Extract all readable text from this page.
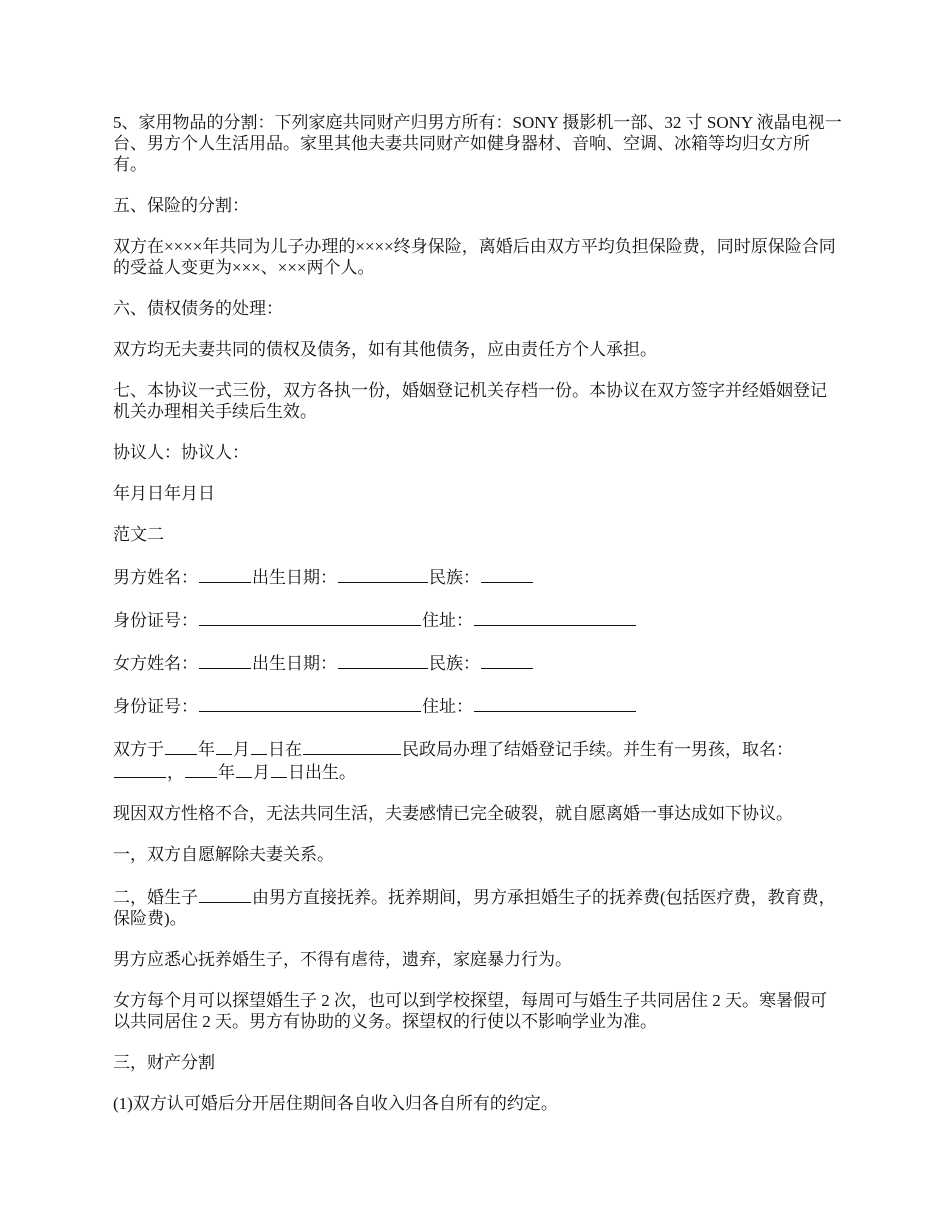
5、家用物品的分割：下列家庭共同财产归男方所有：SONY 摄影机一部、32 寸 SONY 液晶电视一台、男方个人生活用品。家里其他夫妻共同财产如健身器材、音响、空调、冰箱等均归女方所有。

五、保险的分割：

双方在××××年共同为儿子办理的××××终身保险，离婚后由双方平均负担保险费，同时原保险合同的受益人变更为×××、×××两个人。

六、债权债务的处理：

双方均无夫妻共同的债权及债务，如有其他债务，应由责任方个人承担。

七、本协议一式三份，双方各执一份，婚姻登记机关存档一份。本协议在双方签字并经婚姻登记机关办理相关手续后生效。

协议人：协议人：

年月日年月日

范文二

男方姓名：	出生日期：	民族：

身份证号：	住址：

女方姓名：	出生日期：	民族：

身份证号：	住址：

双方于 年 月 日在	民政局办理了结婚登记手续。并生有一男孩，取名：
， 年 月 日出生。

现因双方性格不合，无法共同生活，夫妻感情已完全破裂，就自愿离婚一事达成如下协议。

一，双方自愿解除夫妻关系。

二，婚生子	由男方直接抚养。抚养期间，男方承担婚生子的抚养费(包括医疗费，教育费，保险费)。

男方应悉心抚养婚生子，不得有虐待，遗弃，家庭暴力行为。

女方每个月可以探望婚生子 2 次，也可以到学校探望，每周可与婚生子共同居住 2 天。寒暑假可以共同居住 2 天。男方有协助的义务。探望权的行使以不影响学业为准。

三，财产分割

(1)双方认可婚后分开居住期间各自收入归各自所有的约定。
